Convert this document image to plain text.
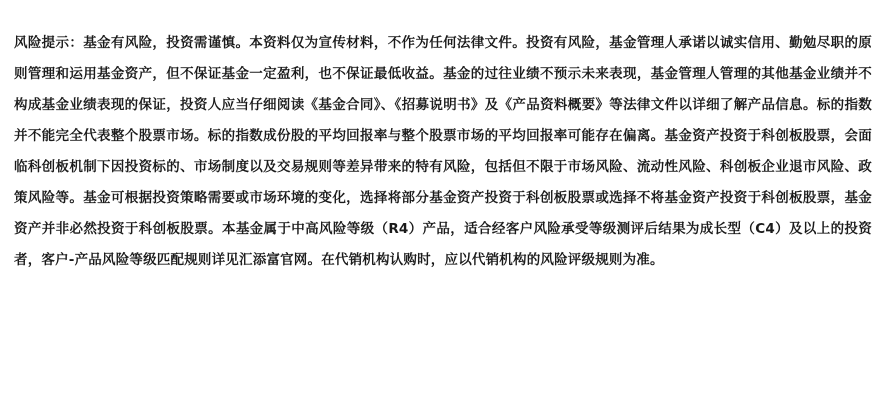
风险提示：基金有风险，投资需谨慎。本资料仅为宣传材料，不作为任何法律文件。投资有风险，基金管理人承诺以诚实信用、勤勉尽职的原则管理和运用基金资产，但不保证基金一定盈利，也不保证最低收益。基金的过往业绩不预示未来表现，基金管理人管理的其他基金业绩并不构成基金业绩表现的保证，投资人应当仔细阅读《基金合同》、《招募说明书》及《产品资料概要》等法律文件以详细了解产品信息。标的指数并不能完全代表整个股票市场。标的指数成份股的平均回报率与整个股票市场的平均回报率可能存在偏离。基金资产投资于科创板股票，会面临科创板机制下因投资标的、市场制度以及交易规则等差异带来的特有风险，包括但不限于市场风险、流动性风险、科创板企业退市风险、政策风险等。基金可根据投资策略需要或市场环境的变化，选择将部分基金资产投资于科创板股票或选择不将基金资产投资于科创板股票，基金资产并非必然投资于科创板股票。本基金属于中高风险等级（R4）产品，适合经客户风险承受等级测评后结果为成长型（C4）及以上的投资者，客户-产品风险等级匹配规则详见汇添富官网。在代销机构认购时，应以代销机构的风险评级规则为准。
